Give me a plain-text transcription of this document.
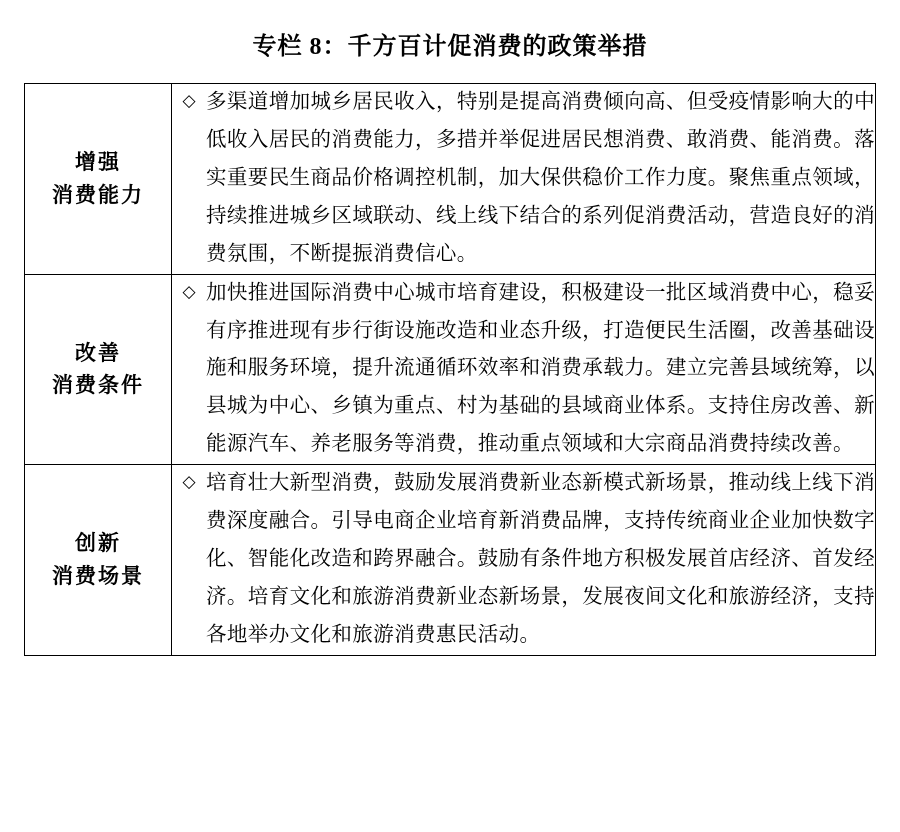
专栏 8：千方百计促消费的政策举措
增强
消费能力	◇ 多渠道增加城乡居民收入，特别是提高消费倾向高、但受疫情影响大的中低收入居民的消费能力，多措并举促进居民想消费、敢消费、能消费。落实重要民生商品价格调控机制，加大保供稳价工作力度。聚焦重点领域，持续推进城乡区域联动、线上线下结合的系列促消费活动，营造良好的消费氛围，不断提振消费信心。

改善
消费条件	◇ 加快推进国际消费中心城市培育建设，积极建设一批区域消费中心，稳妥有序推进现有步行街设施改造和业态升级，打造便民生活圈，改善基础设施和服务环境，提升流通循环效率和消费承载力。建立完善县域统筹，以县城为中心、乡镇为重点、村为基础的县域商业体系。支持住房改善、新能源汽车、养老服务等消费，推动重点领域和大宗商品消费持续改善。

创新
消费场景	◇ 培育壮大新型消费，鼓励发展消费新业态新模式新场景，推动线上线下消费深度融合。引导电商企业培育新消费品牌，支持传统商业企业加快数字化、智能化改造和跨界融合。鼓励有条件地方积极发展首店经济、首发经济。培育文化和旅游消费新业态新场景，发展夜间文化和旅游经济，支持各地举办文化和旅游消费惠民活动。
